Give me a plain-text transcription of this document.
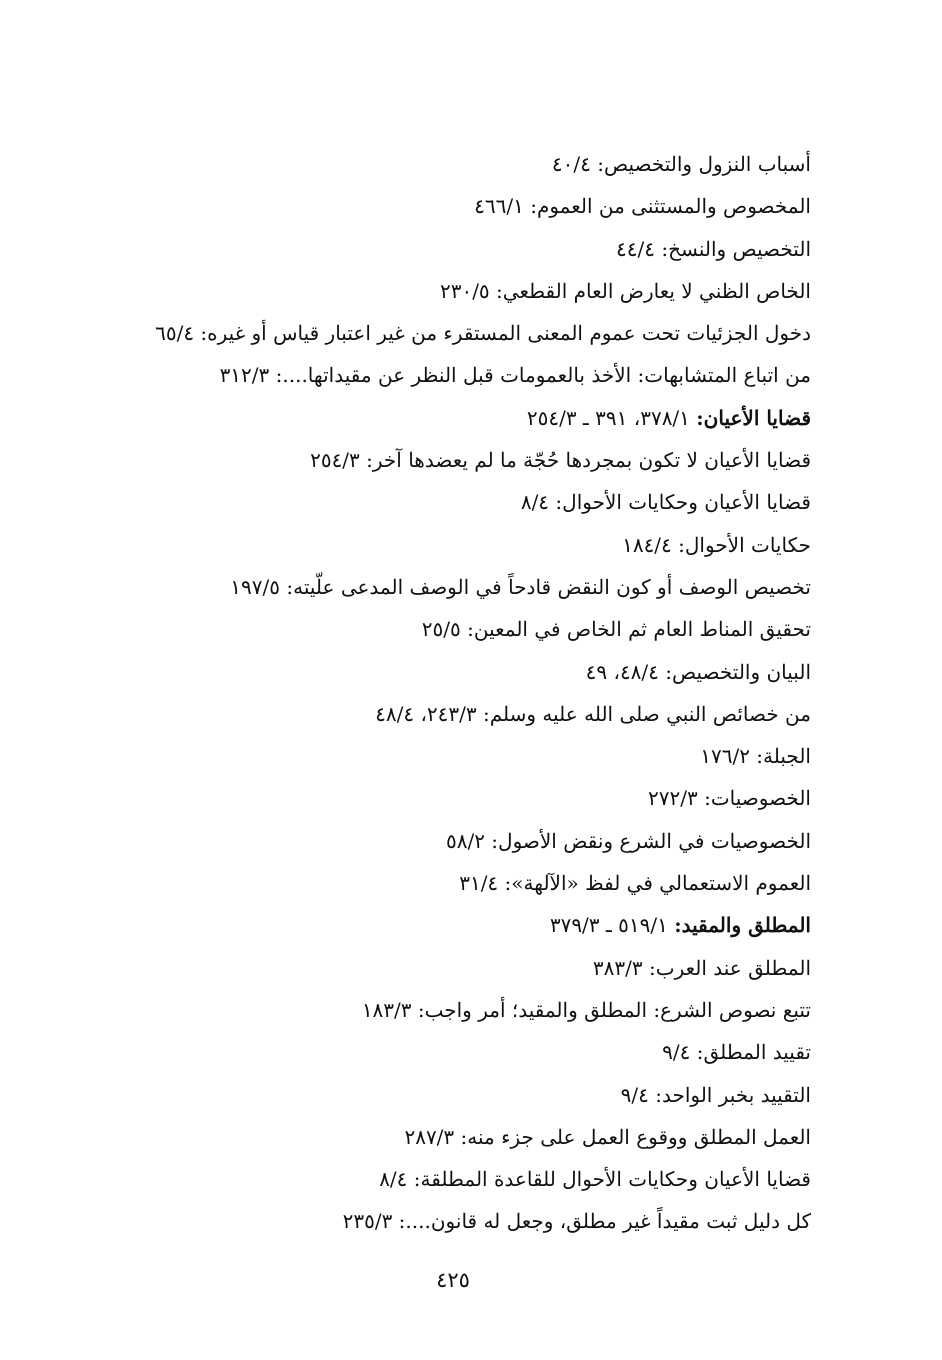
أسباب النزول والتخصيص: ٤٠/٤
المخصوص والمستثنى من العموم: ٤٦٦/١
التخصيص والنسخ: ٤٤/٤
الخاص الظني لا يعارض العام القطعي: ٢٣٠/٥
دخول الجزئيات تحت عموم المعنى المستقرء من غير اعتبار قياس أو غيره: ٦٥/٤
من اتباع المتشابهات: الأخذ بالعمومات قبل النظر عن مقيداتها....: ٣١٢/٣
قضايا الأعيان: ٣٧٨/١، ٣٩١ ـ ٢٥٤/٣
قضايا الأعيان لا تكون بمجردها حُجّة ما لم يعضدها آخر: ٢٥٤/٣
قضايا الأعيان وحكايات الأحوال: ٨/٤
حكايات الأحوال: ١٨٤/٤
تخصيص الوصف أو كون النقض قادحاً في الوصف المدعى علّيته: ١٩٧/٥
تحقيق المناط العام ثم الخاص في المعين: ٢٥/٥
البيان والتخصيص: ٤٨/٤، ٤٩
من خصائص النبي صلى الله عليه وسلم: ٢٤٣/٣، ٤٨/٤
الجبلة: ١٧٦/٢
الخصوصيات: ٢٧٢/٣
الخصوصيات في الشرع ونقض الأصول: ٥٨/٢
العموم الاستعمالي في لفظ «الآلهة»: ٣١/٤
المطلق والمقيد: ٥١٩/١ ـ ٣٧٩/٣
المطلق عند العرب: ٣٨٣/٣
تتبع نصوص الشرع: المطلق والمقيد؛ أمر واجب: ١٨٣/٣
تقييد المطلق: ٩/٤
التقييد بخبر الواحد: ٩/٤
العمل المطلق ووقوع العمل على جزء منه: ٢٨٧/٣
قضايا الأعيان وحكايات الأحوال للقاعدة المطلقة: ٨/٤
كل دليل ثبت مقيداً غير مطلق، وجعل له قانون....: ٢٣٥/٣
٤٢٥
